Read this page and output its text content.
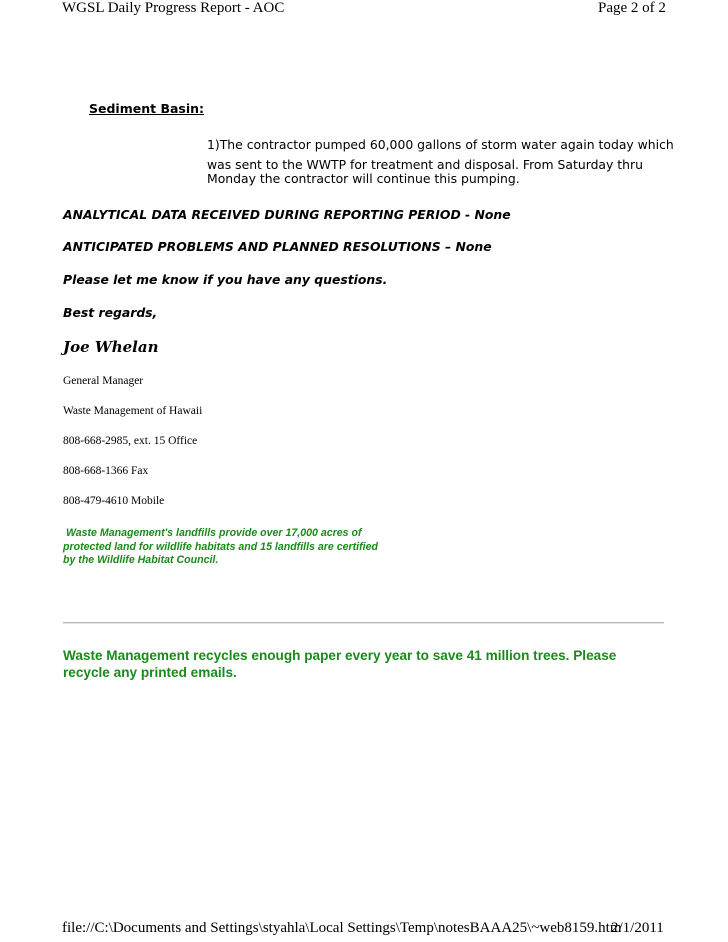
WGSL Daily Progress Report - AOC	Page 2 of 2
Sediment Basin:
1)The contractor pumped 60,000 gallons of storm water again today which
was sent to the WWTP for treatment and disposal. From Saturday thru
Monday the contractor will continue this pumping.
ANALYTICAL DATA RECEIVED DURING REPORTING PERIOD - None
ANTICIPATED PROBLEMS AND PLANNED RESOLUTIONS – None
Please let me know if you have any questions.
Best regards,
Joe Whelan
General Manager
Waste Management of Hawaii
808-668-2985, ext. 15 Office
808-668-1366 Fax
808-479-4610 Mobile
Waste Management's landfills provide over 17,000 acres of
protected land for wildlife habitats and 15 landfills are certified
by the Wildlife Habitat Council.
Waste Management recycles enough paper every year to save 41 million trees. Please
recycle any printed emails.
file://C:\Documents and Settings\styahla\Local Settings\Temp\notesBAAA25\~web8159.htm
2/1/2011
